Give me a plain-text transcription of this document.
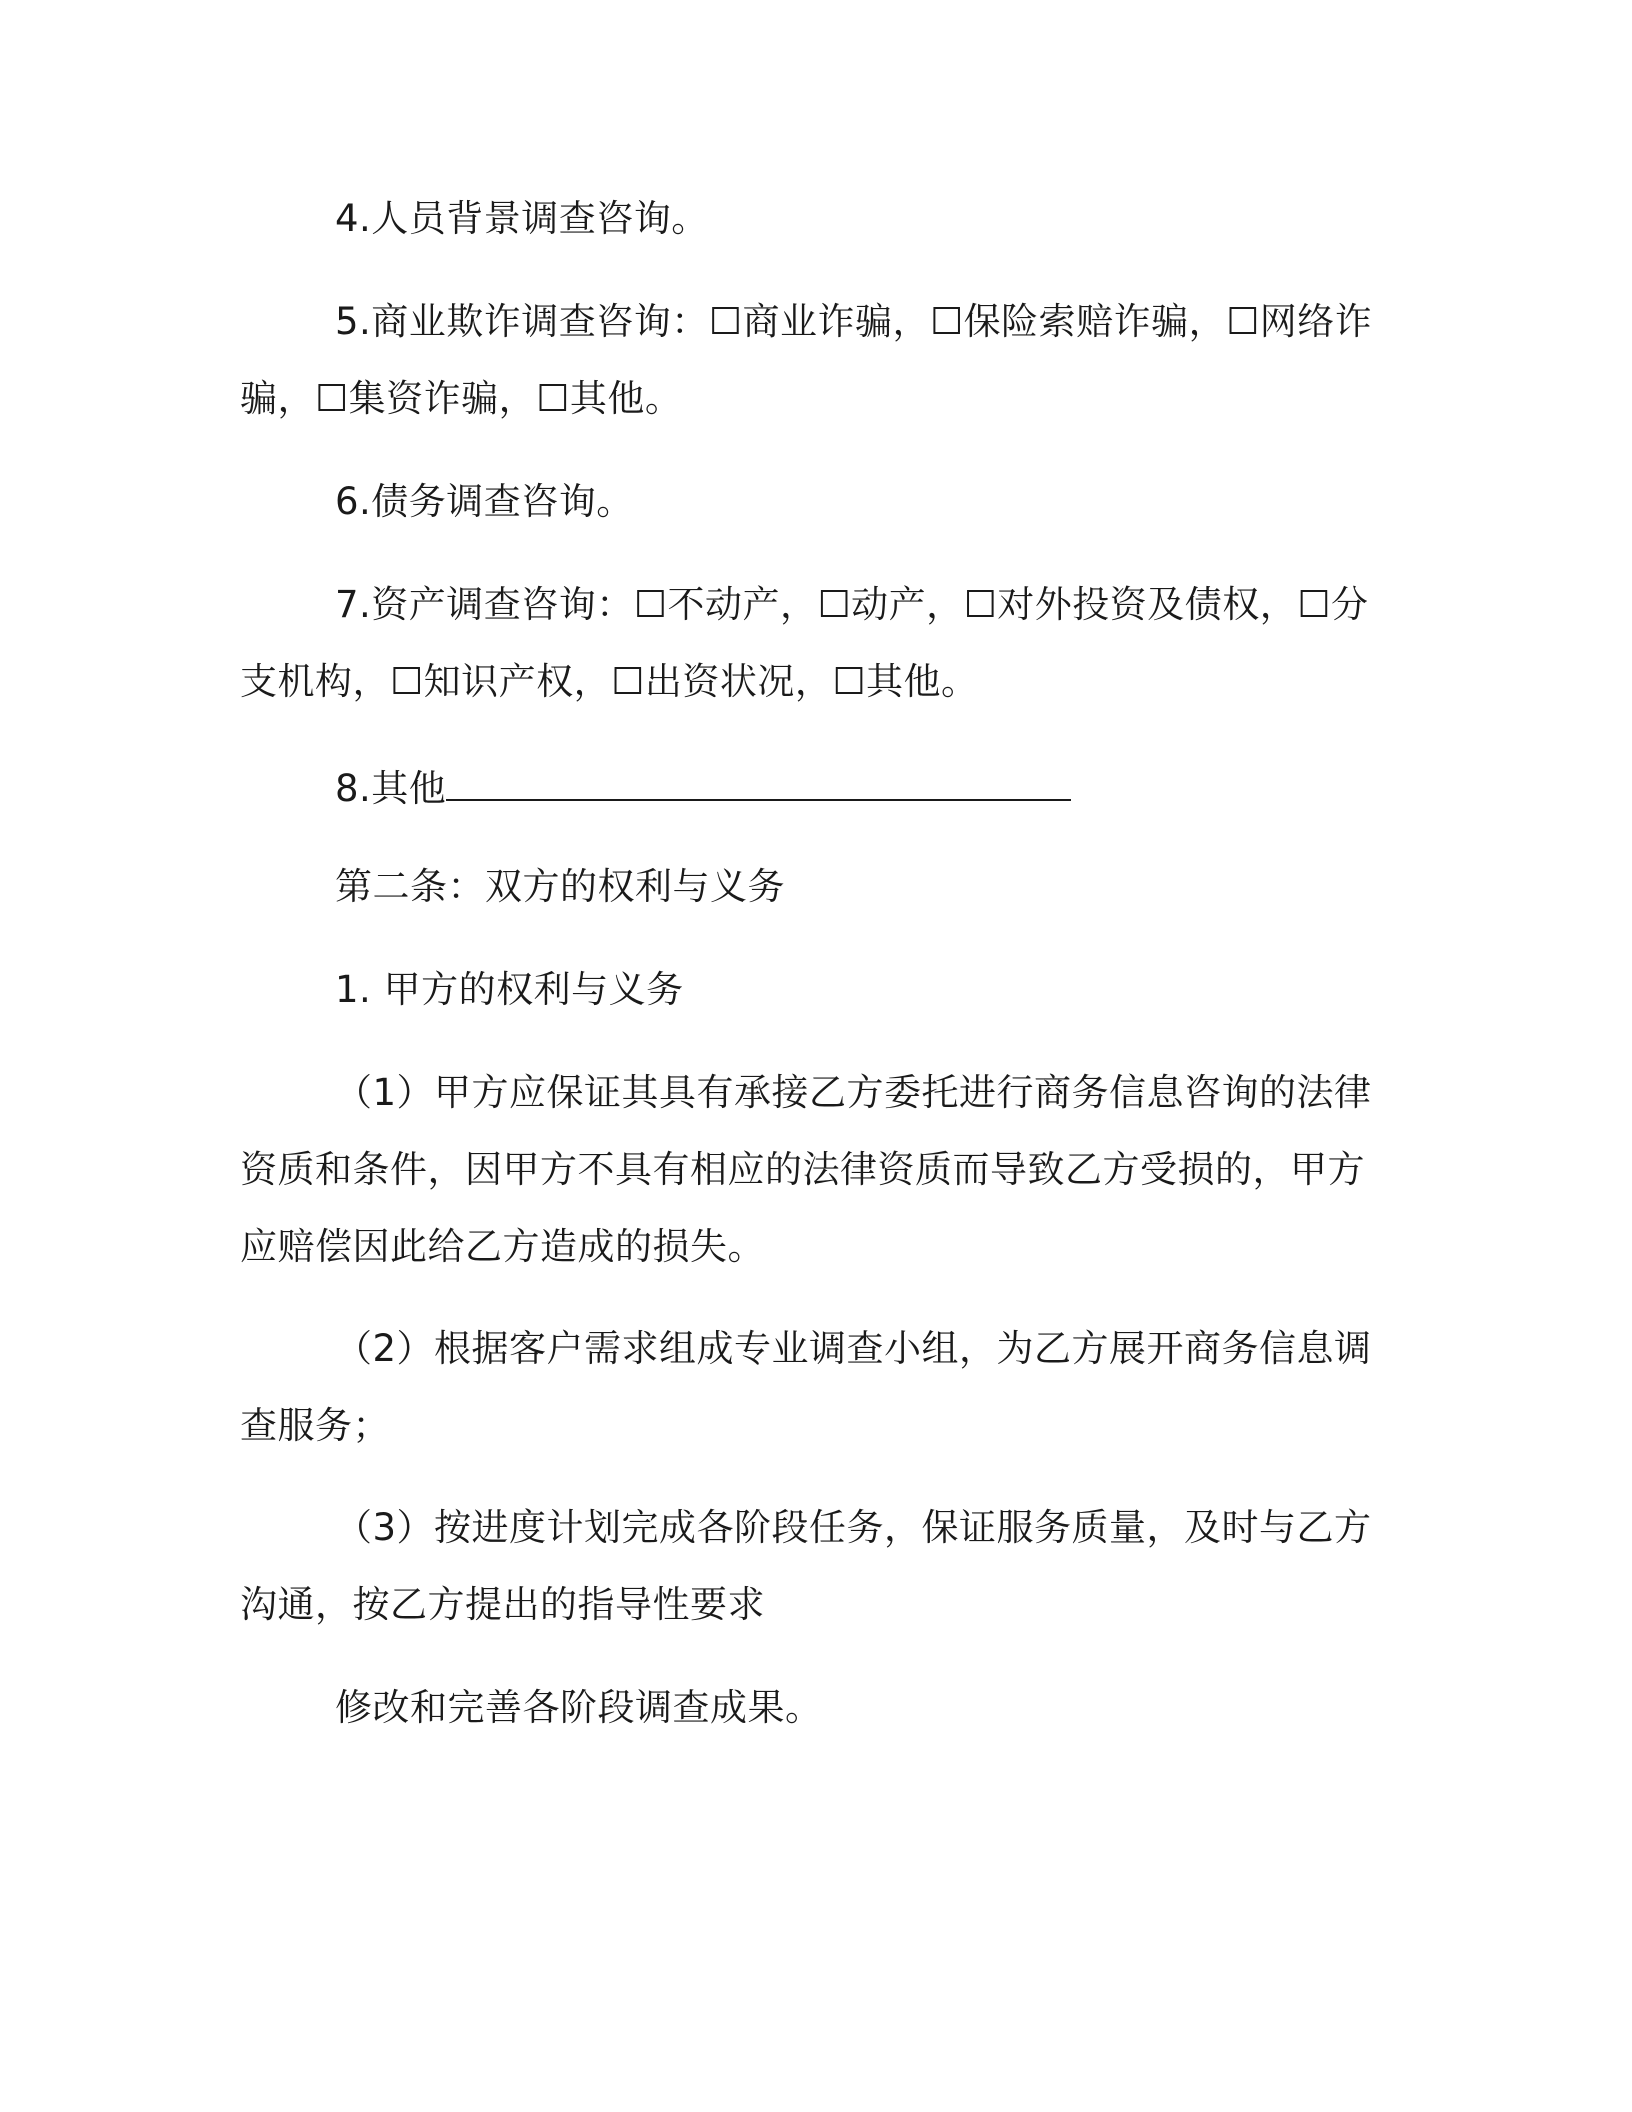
4.人员背景调查咨询。

5.商业欺诈调查咨询：☐商业诈骗，☐保险索赔诈骗，☐网络诈骗，☐集资诈骗，☐其他。

6.债务调查咨询。

7.资产调查咨询：☐不动产，☐动产，☐对外投资及债权，☐分支机构，☐知识产权，☐出资状况，☐其他。

8.其他

第二条：双方的权利与义务

1. 甲方的权利与义务

（1）甲方应保证其具有承接乙方委托进行商务信息咨询的法律资质和条件，因甲方不具有相应的法律资质而导致乙方受损的，甲方应赔偿因此给乙方造成的损失。

（2）根据客户需求组成专业调查小组，为乙方展开商务信息调查服务；

（3）按进度计划完成各阶段任务，保证服务质量，及时与乙方沟通，按乙方提出的指导性要求

修改和完善各阶段调查成果。
